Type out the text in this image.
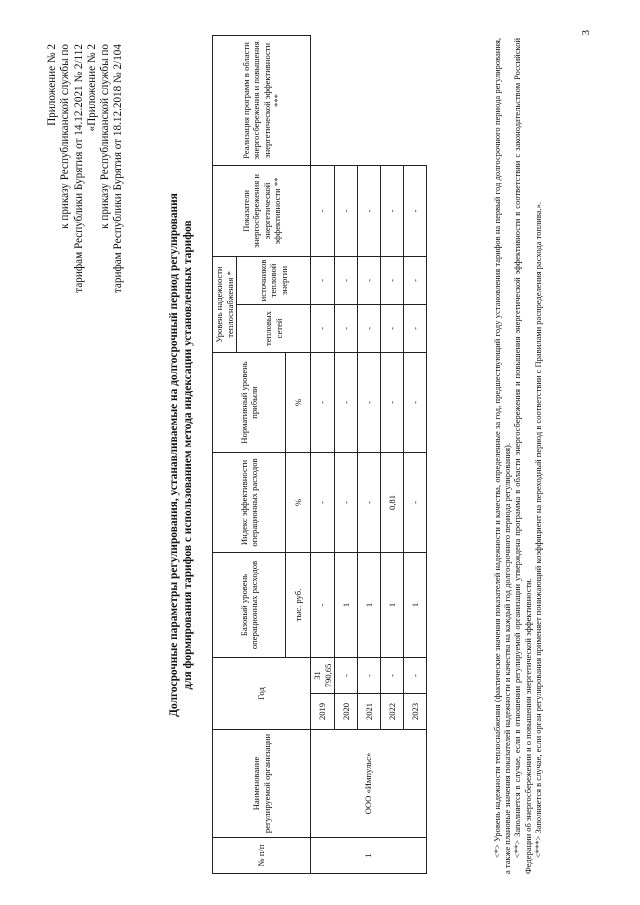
Приложение № 2 к приказу Республиканской службы по тарифам Республики Бурятия от 14.12.2021 № 2/112 «Приложение № 2 к приказу Республиканской службы по тарифам Республики Бурятия от 18.12.2018 № 2/104
Долгосрочные параметры регулирования, устанавливаемые на долгосрочный период регулирования для формирования тарифов с использованием метода индексации установленных тарифов
№ п/п	Наименование регулируемой организации	Год		Базовый уровень операционных расходов	Индекс эффективности операционных расходов	Нормативный уровень прибыли	Уровень надежности теплоснабжения *		Показатели энергосбережения и энергетической эффективности **	Реализация программ в области энергосбережения и повышения энергетической эффективности ***
							тепловых сетей	источников тепловой энергии		
				тыс. руб.	%	%				
1	ООО «Импульс»	2019	31 790,65	-	-	-	-	-	-	
		2020	-	1	-	-	-	-	-	
		2021	-	1	-	-	-	-	-	
		2022	-	1	0,81	-	-	-	-	
		2023	-	1	-	-	-	-	-		<*> Уровень надежности теплоснабжения (фактические значения показателей надежности и качества, определенные за год, предшествующий году установления тарифов на первый год долгосрочного периода регулирования, а также плановые значения показателей надежности и качества на каждый год долгосрочного периода регулирования). <**> Заполняется в случае, если в отношении регулируемой организации утверждена программа в области энергосбережения и повышения энергетической эффективности в соответствии с законодательством Российской Федерации об энергосбережении и о повышении энергетической эффективности. <***> Заполняется в случае, если орган регулирования применяет понижающий коэффициент на переходный период в соответствии с Правилами распределения расхода топлива.».

3
